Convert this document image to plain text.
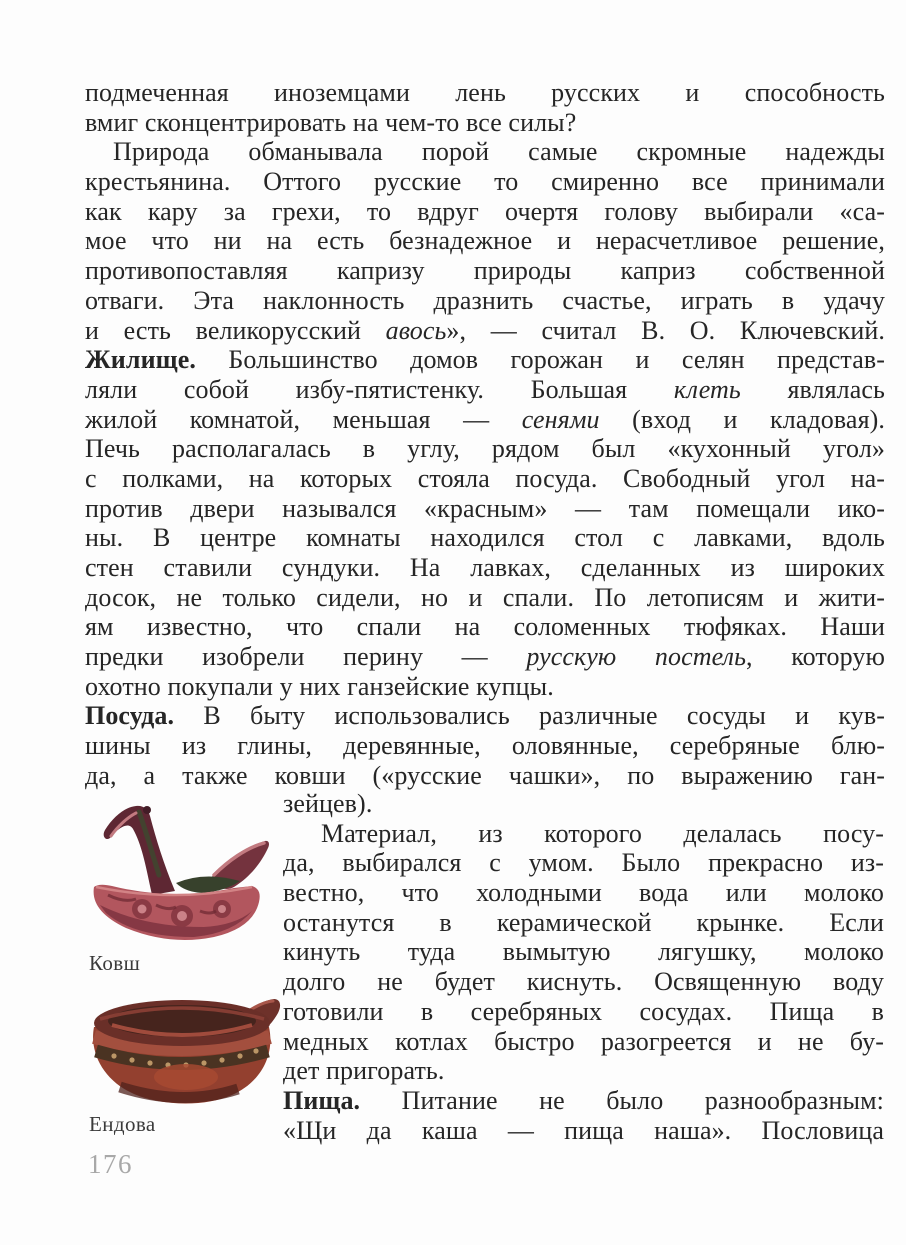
подмеченная иноземцами лень русских и способность
вмиг сконцентрировать на чем-то все силы?
Природа обманывала порой самые скромные надежды
крестьянина. Оттого русские то смиренно все принимали
как кару за грехи, то вдруг очертя голову выбирали «са-
мое что ни на есть безнадежное и нерасчетливое решение,
противопоставляя капризу природы каприз собственной
отваги. Эта наклонность дразнить счастье, играть в удачу
и есть великорусский авось», — считал В. О. Ключевский.
Жилище. Большинство домов горожан и селян представ-
ляли собой избу-пятистенку. Большая клеть являлась
жилой комнатой, меньшая — сенями (вход и кладовая).
Печь располагалась в углу, рядом был «кухонный угол»
с полками, на которых стояла посуда. Свободный угол на-
против двери назывался «красным» — там помещали ико-
ны. В центре комнаты находился стол с лавками, вдоль
стен ставили сундуки. На лавках, сделанных из широких
досок, не только сидели, но и спали. По летописям и жити-
ям известно, что спали на соломенных тюфяках. Наши
предки изобрели перину — русскую постель, которую
охотно покупали у них ганзейские купцы.
Посуда. В быту использовались различные сосуды и кув-
шины из глины, деревянные, оловянные, серебряные блю-
да, а также ковши («русские чашки», по выражению ган-
зейцев).
Материал, из которого делалась посу-
да, выбирался с умом. Было прекрасно из-
вестно, что холодными вода или молоко
останутся в керамической крынке. Если
кинуть туда вымытую лягушку, молоко
долго не будет киснуть. Освященную воду
готовили в серебряных сосудах. Пища в
медных котлах быстро разогреется и не бу-
дет пригорать.
Пища. Питание не было разнообразным:
«Щи да каша — пища наша». Пословица
Ковш
Ендова
176
